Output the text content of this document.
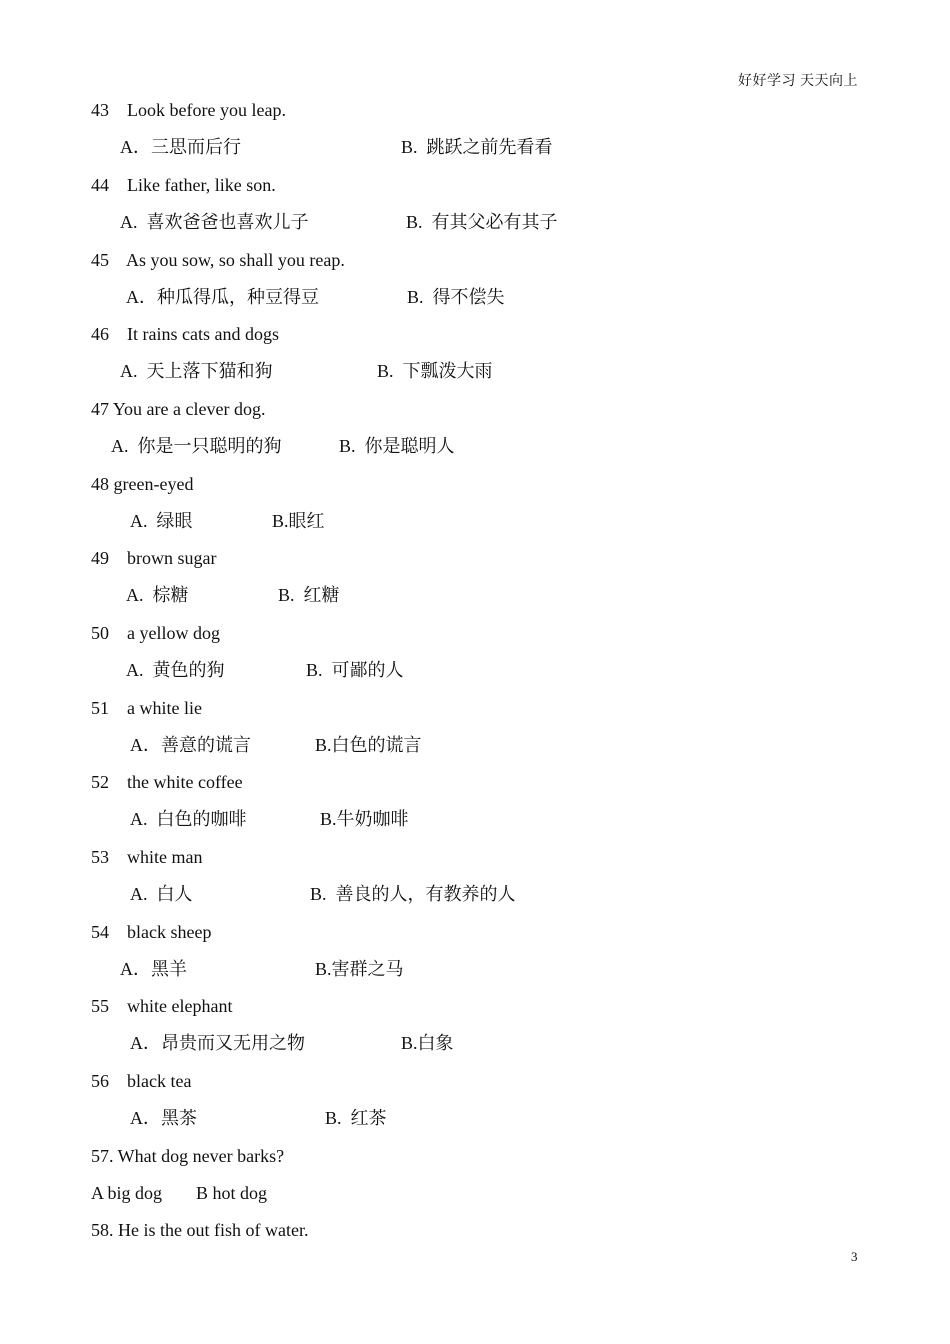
好好学习 天天向上
43    Look before you leap.
A．三思而后行	B.  跳跃之前先看看
44    Like father, like son.
A.  喜欢爸爸也喜欢儿子	B.  有其父必有其子
45    As you sow, so shall you reap.
A．种瓜得瓜，种豆得豆	B.  得不偿失
46    It rains cats and dogs
A.  天上落下猫和狗	B.  下瓢泼大雨
47 You are a clever dog.
A.  你是一只聪明的狗	B.  你是聪明人
48 green-eyed
A.  绿眼	B.眼红
49    brown sugar
A.  棕糖	B.  红糖
50    a yellow dog
A.  黄色的狗	B.  可鄙的人
51    a white lie
A．善意的谎言	B.白色的谎言
52    the white coffee
A.  白色的咖啡	B.牛奶咖啡
53    white man
A.  白人	B.  善良的人，有教养的人
54    black sheep
A．黑羊	B.害群之马
55    white elephant
A．昂贵而又无用之物	B.白象
56    black tea
A．黑茶	B.  红茶
57. What dog never barks?
A big dog B hot dog
58. He is the out fish of water.
3
